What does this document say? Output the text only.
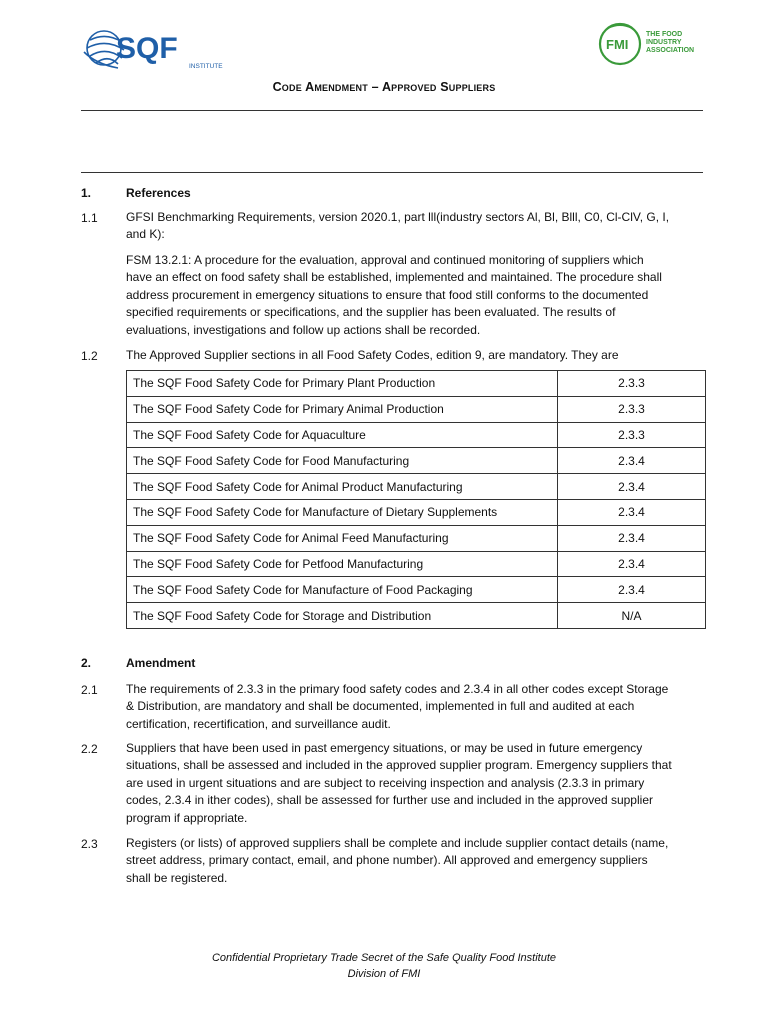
SQF
INSTITUTE
FMI
THE FOOD
INDUSTRY
ASSOCIATION
Code Amendment – Approved Suppliers
1.	References
1.1 GFSI Benchmarking Requirements, version 2020.1, part lll(industry sectors Al, Bl, Blll, C0, Cl-ClV, G, I,
and K):
FSM 13.2.1: A procedure for the evaluation, approval and continued monitoring of suppliers which
have an effect on food safety shall be established, implemented and maintained. The procedure shall
address procurement in emergency situations to ensure that food still conforms to the documented
specified requirements or specifications, and the supplier has been evaluated. The results of
evaluations, investigations and follow up actions shall be recorded.
1.2 The Approved Supplier sections in all Food Safety Codes, edition 9, are mandatory. They are
The SQF Food Safety Code for Primary Plant Production	2.3.3
The SQF Food Safety Code for Primary Animal Production	2.3.3
The SQF Food Safety Code for Aquaculture	2.3.3
The SQF Food Safety Code for Food Manufacturing	2.3.4
The SQF Food Safety Code for Animal Product Manufacturing	2.3.4
The SQF Food Safety Code for Manufacture of Dietary Supplements	2.3.4
The SQF Food Safety Code for Animal Feed Manufacturing	2.3.4
The SQF Food Safety Code for Petfood Manufacturing	2.3.4
The SQF Food Safety Code for Manufacture of Food Packaging	2.3.4
The SQF Food Safety Code for Storage and Distribution	N/A
2.	Amendment
2.1 The requirements of 2.3.3 in the primary food safety codes and 2.3.4 in all other codes except Storage
& Distribution, are mandatory and shall be documented, implemented in full and audited at each
certification, recertification, and surveillance audit.
2.2 Suppliers that have been used in past emergency situations, or may be used in future emergency
situations, shall be assessed and included in the approved supplier program. Emergency suppliers that
are used in urgent situations and are subject to receiving inspection and analysis (2.3.3 in primary
codes, 2.3.4 in ither codes), shall be assessed for further use and included in the approved supplier
program if appropriate.
2.3 Registers (or lists) of approved suppliers shall be complete and include supplier contact details (name,
street address, primary contact, email, and phone number). All approved and emergency suppliers
shall be registered.
Confidential Proprietary Trade Secret of the Safe Quality Food Institute
Division of FMI
